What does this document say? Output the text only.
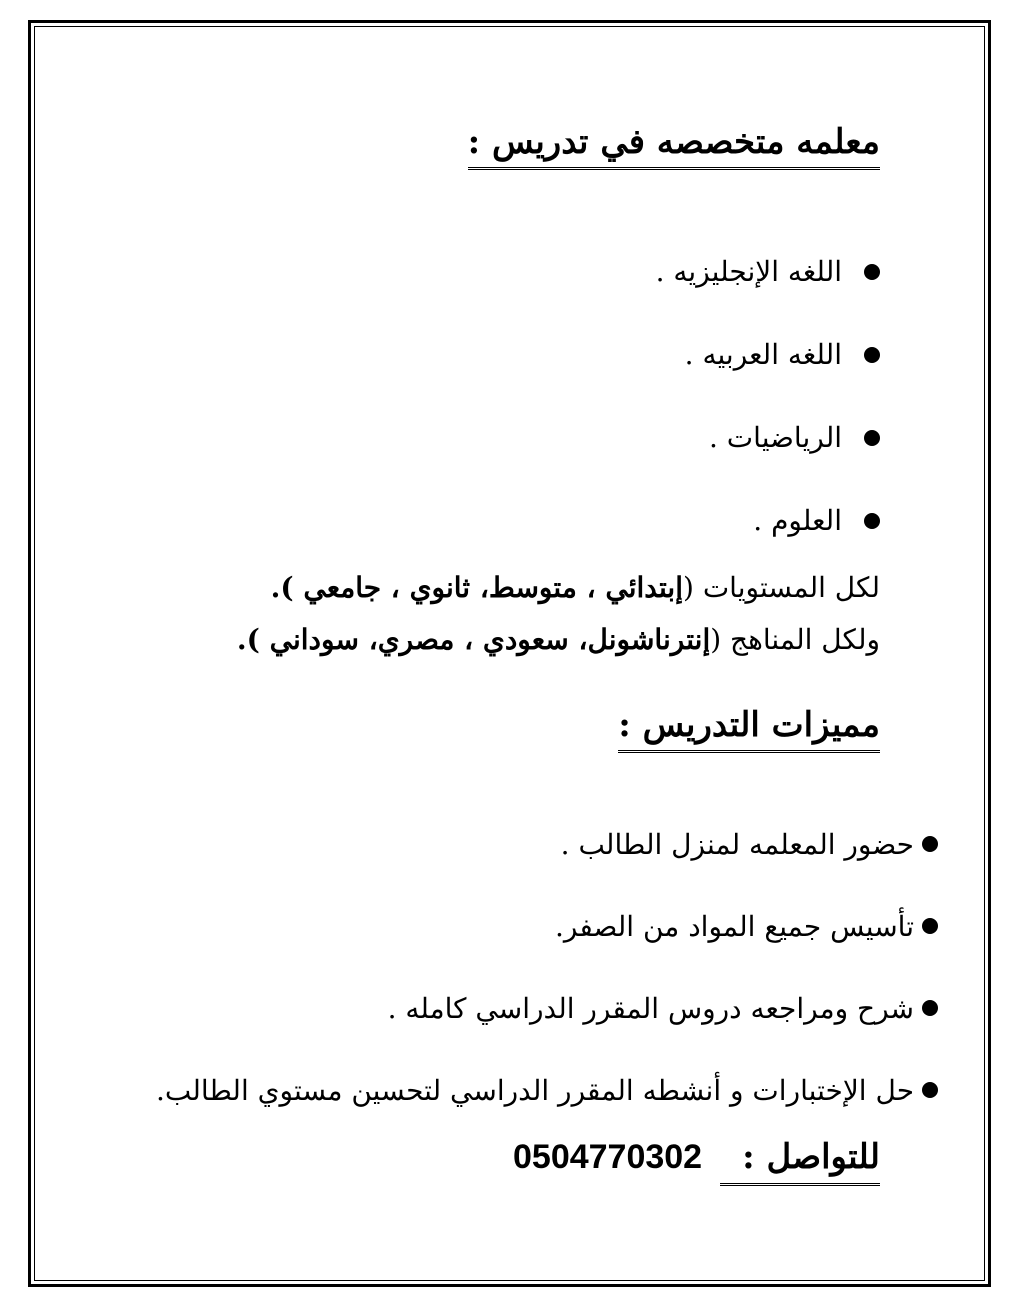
معلمه متخصصه في تدريس :
اللغه الإنجليزيه .
اللغه العربيه .
الرياضيات .
العلوم .
لكل المستويات (إبتدائي ، متوسط، ثانوي ، جامعي ).
ولكل المناهج (إنترناشونل، سعودي ، مصري، سوداني ).
مميزات التدريس :
حضور المعلمه لمنزل الطالب .
تأسيس جميع المواد من الصفر.
شرح ومراجعه دروس المقرر الدراسي كامله .
حل الإختبارات و أنشطه المقرر الدراسي لتحسين مستوي الطالب.
للتواصل :
0504770302
